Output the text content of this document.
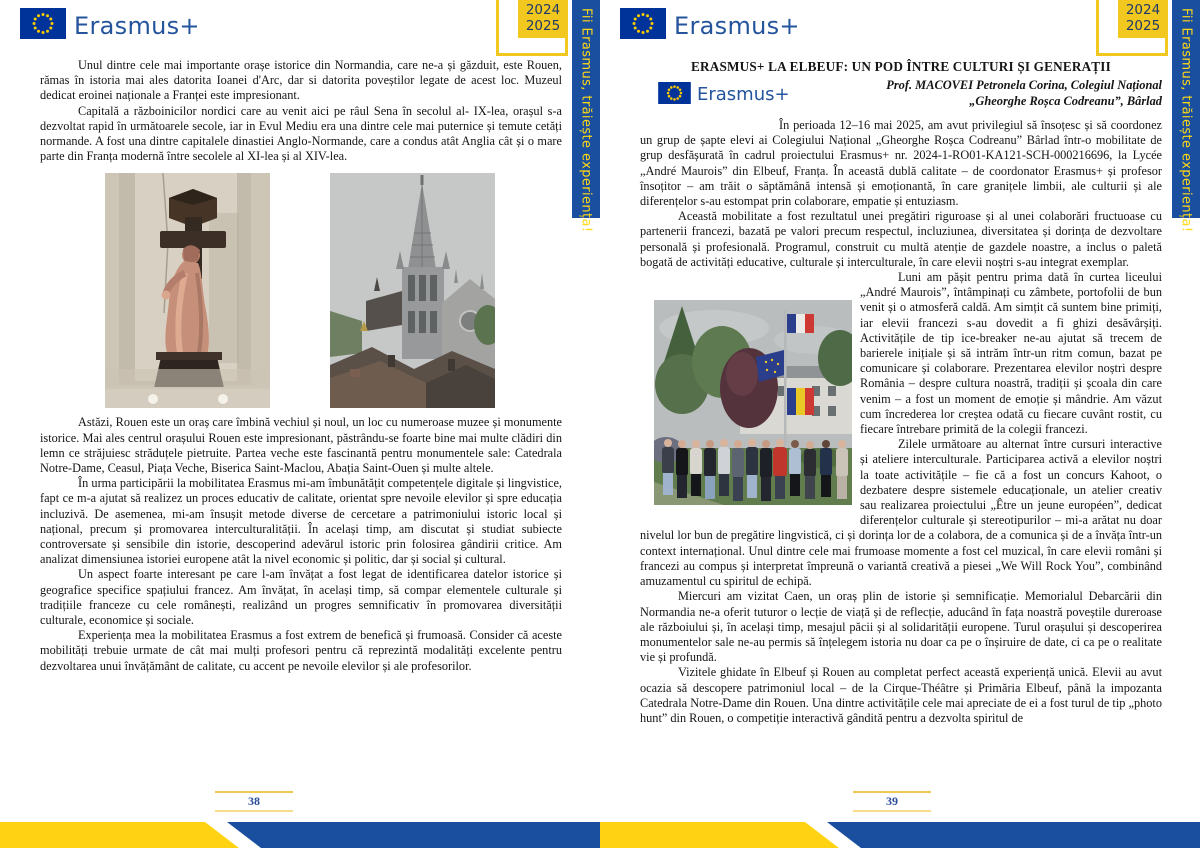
Erasmus+
2024
2025	Fii Erasmus, trăiește experiența!

Unul dintre cele mai importante orașe istorice din Normandia, care ne-a și găzduit, este Rouen, rămas în istoria mai ales datorita Ioanei d'Arc, dar si datorita poveștilor legate de acest loc. Muzeul dedicat eroinei naționale a Franței este impresionant.

Capitală a războinicilor nordici care au venit aici pe râul Sena în secolul al- IX-lea, orașul s-a dezvoltat rapid în următoarele secole, iar in Evul Mediu era una dintre cele mai puternice și temute cetăți normande. A fost una dintre capitalele dinastiei Anglo-Normande, care a condus atât Anglia cât și o mare parte din Franța modernă între secolele al XI-lea și al XIV-lea.

Astăzi, Rouen este un oraș care îmbină vechiul și noul, un loc cu numeroase muzee și monumente istorice. Mai ales centrul orașului Rouen este impresionant, păstrându-se foarte bine mai multe clădiri din lemn ce străjuiesc străduțele pietruite. Partea veche este fascinantă pentru monumentele sale: Catedrala Notre-Dame, Ceasul, Piața Veche, Biserica Saint-Maclou, Abația Saint-Ouen și multe altele.

În urma participării la mobilitatea Erasmus mi-am îmbunătățit competențele digitale și lingvistice, fapt ce m-a ajutat să realizez un proces educativ de calitate, orientat spre nevoile elevilor și spre educația incluzivă. De asemenea, mi-am însușit metode diverse de cercetare a patrimoniului istoric local și național, precum și promovarea interculturalității. În același timp, am discutat și studiat subiecte controversate și sensibile din istorie, descoperind adevărul istoric prin folosirea gândirii critice. Am analizat dimensiunea istoriei europene atât la nivel economic și politic, dar și social și cultural.

Un aspect foarte interesant pe care l-am învățat a fost legat de identificarea datelor istorice și geografice specifice spațiului francez. Am învățat, în același timp, să compar elementele culturale și tradițiile franceze cu cele românești, realizând un progres semnificativ în promovarea diversității culturale, economice și sociale.

Experiența mea la mobilitatea Erasmus a fost extrem de benefică și frumoasă. Consider că aceste mobilități trebuie urmate de cât mai mulți profesori pentru că reprezintă modalități excelente pentru dezvoltarea unui învățământ de calitate, cu accent pe nevoile elevilor și ale profesorilor.

38
Erasmus+
2024
2025	Fii Erasmus, trăiește experiența!
ERASMUS+ LA ELBEUF: UN POD ÎNTRE CULTURI ȘI GENERAȚII
Erasmus+	Prof. MACOVEI Petronela Corina, Colegiul Național
„Gheorghe Roșca Codreanu”, Bârlad

În perioada 12–16 mai 2025, am avut privilegiul să însoțesc și să coordonez un grup de șapte elevi ai Colegiului Național „Gheorghe Roșca Codreanu” Bârlad într-o mobilitate de grup desfășurată în cadrul proiectului Erasmus+ nr. 2024-1-RO01-KA121-SCH-000216696, la Lycée „André Maurois” din Elbeuf, Franța. În această dublă calitate – de coordonator Erasmus+ și profesor însoțitor – am trăit o săptămână intensă și emoționantă, în care granițele limbii, ale culturii și ale diferențelor s-au estompat prin colaborare, empatie și entuziasm.

Această mobilitate a fost rezultatul unei pregătiri riguroase și al unei colaborări fructuoase cu partenerii francezi, bazată pe valori precum respectul, incluziunea, diversitatea și dorința de dezvoltare personală și profesională. Programul, construit cu multă atenție de gazdele noastre, a inclus o paletă bogată de activități educative, culturale și interculturale, în care elevii noștri s-au integrat exemplar.

Luni am pășit pentru prima dată în curtea liceului „André Maurois”, întâmpinați cu zâmbete, portofolii de bun venit și o atmosferă caldă. Am simțit că suntem bine primiți, iar elevii francezi s-au dovedit a fi ghizi desăvârșiți. Activitățile de tip ice-breaker ne-au ajutat să trecem de barierele inițiale și să intrăm într-un ritm comun, bazat pe comunicare și colaborare. Prezentarea elevilor noștri despre România – despre cultura noastră, tradiții și școala din care venim – a fost un moment de emoție și mândrie. Am văzut cum încrederea lor creștea odată cu fiecare cuvânt rostit, cu fiecare întrebare primită de la colegii francezi.

Zilele următoare au alternat între cursuri interactive și ateliere interculturale. Participarea activă a elevilor noștri la toate activitățile – fie că a fost un concurs Kahoot, o dezbatere despre sistemele educaționale, un atelier creativ sau realizarea proiectului „Être un jeune européen”, dedicat diferențelor culturale și stereotipurilor – mi-a arătat nu doar nivelul lor bun de pregătire lingvistică, ci și dorința lor de a colabora, de a comunica și de a învăța într-un context internațional. Unul dintre cele mai frumoase momente a fost cel muzical, în care elevii români și francezi au compus și interpretat împreună o variantă creativă a piesei „We Will Rock You”, combinând amuzamentul cu spiritul de echipă.

Miercuri am vizitat Caen, un oraș plin de istorie și semnificație. Memorialul Debarcării din Normandia ne-a oferit tuturor o lecție de viață și de reflecție, aducând în fața noastră poveștile dureroase ale războiului și, în același timp, mesajul păcii și al solidarității europene. Turul orașului și descoperirea monumentelor sale ne-au permis să înțelegem istoria nu doar ca pe o înșiruire de date, ci ca pe o realitate vie și profundă.

Vizitele ghidate în Elbeuf și Rouen au completat perfect această experiență unică. Elevii au avut ocazia să descopere patrimoniul local – de la Cirque-Théâtre și Primăria Elbeuf, până la impozanta Catedrala Notre-Dame din Rouen. Una dintre activitățile cele mai apreciate de ei a fost turul de tip „photo hunt” din Rouen, o competiție interactivă gândită pentru a dezvolta spiritul de

39
